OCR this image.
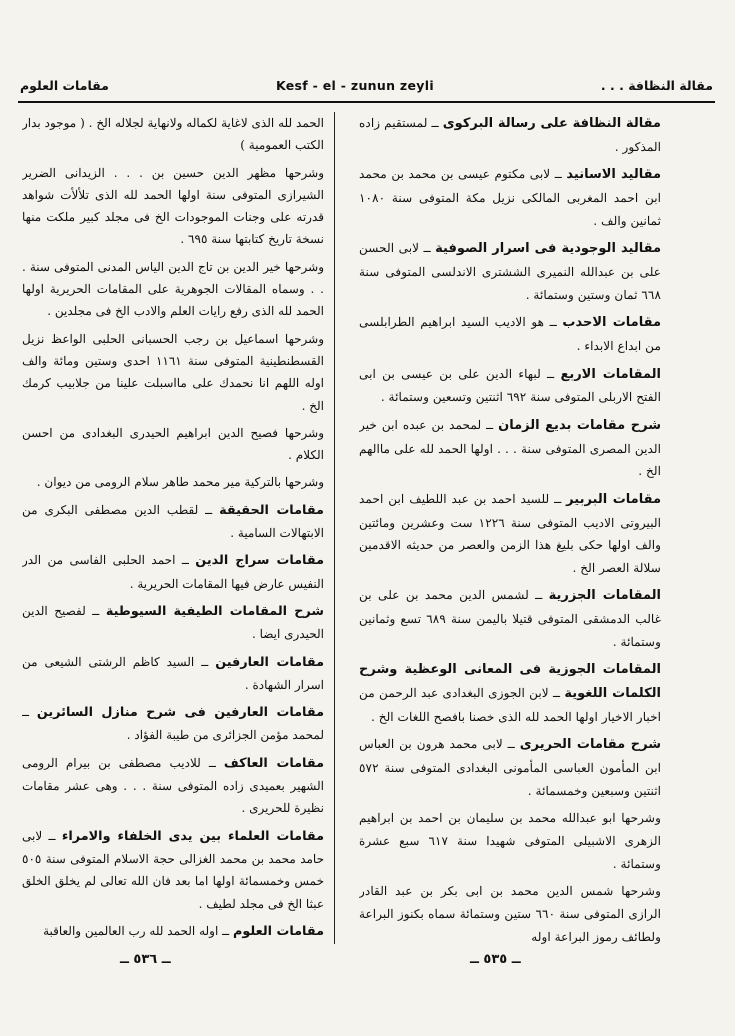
مقامات العلوم	Kesf - el - zunun zeyli	مقالة النظافة . . .

مقالة النظافة على رسالة البركوى ــ لمستقيم زاده المذكور .

مقاليد الاسانيد ــ لابى مكتوم عيسى بن محمد بن محمد ابن احمد المغربى المالكى نزيل مكة المتوفى سنة ١٠٨٠ ثمانين والف .

مقاليد الوجودية فى اسرار الصوفية ــ لابى الحسن على بن عبدالله النميرى الششترى الاندلسى المتوفى سنة ٦٦٨ ثمان وستين وستمائة .

مقامات الاحدب ــ هو الاديب السيد ابراهيم الطرابلسى من ابداع الابداء .

المقامات الاربع ــ لبهاء الدين على بن عيسى بن ابى الفتح الاربلى المتوفى سنة ٦٩٢ اثنتين وتسعين وستمائة .

شرح مقامات بديع الزمان ــ لمحمد بن عبده ابن خير الدين المصرى المتوفى سنة . . . اولها الحمد لله على ماالهم الخ .

مقامات البربير ــ للسيد احمد بن عبد اللطيف ابن احمد البيروتى الاديب المتوفى سنة ١٢٢٦ ست وعشرين ومائتين والف اولها حكى بليغ هذا الزمن والعصر من حديثه الاقدمين سلالة العصر الخ .

المقامات الجزرية ــ لشمس الدين محمد بن على بن غالب الدمشقى المتوفى قتيلا باليمن سنة ٦٨٩ تسع وثمانين وستمائة .

المقامات الجوزية فى المعانى الوعظية وشرح الكلمات اللغوية ــ لابن الجوزى البغدادى عبد الرحمن من اخبار الاخيار اولها الحمد لله الذى خصنا بافصح اللغات الخ .

شرح مقامات الحريرى ــ لابى محمد هرون بن العباس ابن المأمون العباسى المأمونى البغدادى المتوفى سنة ٥٧٢ اثنتين وسبعين وخمسمائة .

وشرحها ابو عبدالله محمد بن سليمان بن احمد بن ابراهيم الزهرى الاشبيلى المتوفى شهيدا سنة ٦١٧ سبع عشرة وستمائة .

وشرحها شمس الدين محمد بن ابى بكر بن عبد القادر الرازى المتوفى سنة ٦٦٠ ستين وستمائة سماه بكنوز البراعة ولطائف رموز البراعة اوله

الحمد لله الذى لاغاية لكماله ولانهاية لجلاله الخ . ( موجود بدار الكتب العمومية )

وشرحها مظهر الدين حسين بن . . . الزيدانى الضرير الشيرازى المتوفى سنة اولها الحمد لله الذى تلألأت شواهد قدرته على وجنات الموجودات الخ فى مجلد كبير ملكت منها نسخة تاريخ كتابتها سنة ٦٩٥ .

وشرحها خير الدين بن تاج الدين الياس المدنى المتوفى سنة . . . وسماه المقالات الجوهرية على المقامات الحريرية اولها الحمد لله الذى رفع رايات العلم والادب الخ فى مجلدين .

وشرحها اسماعيل بن رجب الحسبانى الحلبى الواعظ نزيل القسطنطينية المتوفى سنة ١١٦١ احدى وستين ومائة والف اوله اللهم انا نحمدك على مااسبلت علينا من جلابيب كرمك الخ .

وشرحها فصيح الدين ابراهيم الحيدرى البغدادى من احسن الكلام .

وشرحها بالتركية مير محمد طاهر سلام الرومى من ديوان .

مقامات الحقيقة ــ لقطب الدين مصطفى البكرى من الابتهالات السامية .

مقامات سراج الدين ــ احمد الحلبى الفاسى من الدر النفيس عارض فيها المقامات الحريرية .

شرح المقامات الطيفية السيوطية ــ لفصيح الدين الحيدرى ايضا .

مقامات العارفين ــ السيد كاظم الرشتى الشيعى من اسرار الشهادة .

مقامات العارفين فى شرح منازل السائرين ــ لمحمد مؤمن الجزائرى من طيبة الفؤاد .

مقامات العاكف ــ للاديب مصطفى بن بيرام الرومى الشهير بعميدى زاده المتوفى سنة . . . وهى عشر مقامات نظيرة للحريرى .

مقامات العلماء بين يدى الخلفاء والامراء ــ لابى حامد محمد بن محمد الغزالى حجة الاسلام المتوفى سنة ٥٠٥ خمس وخمسمائة اولها اما بعد فان الله تعالى لم يخلق الخلق عبثا الخ فى مجلد لطيف .

مقامات العلوم ــ اوله الحمد لله رب العالمين والعاقبة

ــ ٥٣٦ ــ	ــ ٥٣٥ ــ
